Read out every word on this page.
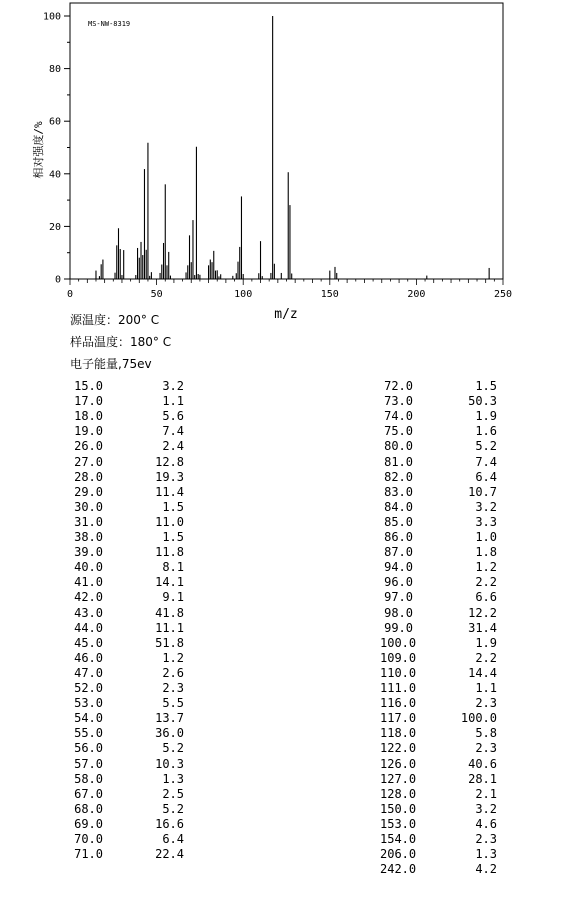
0
20
40
60
80
100
0	50	100	150	200	250
MS-NW-8319
相对强度/%
m/z
源温度：200° C
样品温度：180° C
电子能量,75ev
15.0	3.2
17.0	1.1
18.0	5.6
19.0	7.4
26.0	2.4
27.0	12.8
28.0	19.3
29.0	11.4
30.0	1.5
31.0	11.0
38.0	1.5
39.0	11.8
40.0	8.1
41.0	14.1
42.0	9.1
43.0	41.8
44.0	11.1
45.0	51.8
46.0	1.2
47.0	2.6
52.0	2.3
53.0	5.5
54.0	13.7
55.0	36.0
56.0	5.2
57.0	10.3
58.0	1.3
67.0	2.5
68.0	5.2
69.0	16.6
70.0	6.4
71.0	22.4
72.0	1.5
73.0	50.3
74.0	1.9
75.0	1.6
80.0	5.2
81.0	7.4
82.0	6.4
83.0	10.7
84.0	3.2
85.0	3.3
86.0	1.0
87.0	1.8
94.0	1.2
96.0	2.2
97.0	6.6
98.0	12.2
99.0	31.4
100.0	1.9
109.0	2.2
110.0	14.4
111.0	1.1
116.0	2.3
117.0	100.0
118.0	5.8
122.0	2.3
126.0	40.6
127.0	28.1
128.0	2.1
150.0	3.2
153.0	4.6
154.0	2.3
206.0	1.3
242.0	4.2
